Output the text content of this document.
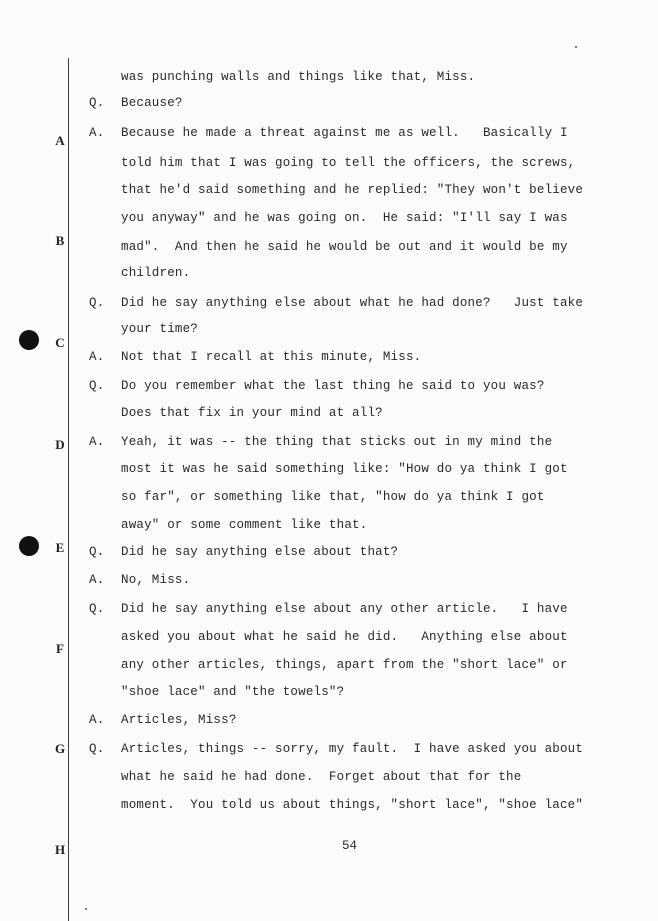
A
B
C
D
E
F
G
H
was punching walls and things like that, Miss.
Q. Because?
A. Because he made a threat against me as well.   Basically I
told him that I was going to tell the officers, the screws,
that he'd said something and he replied: "They won't believe
you anyway" and he was going on.  He said: "I'll say I was
mad".  And then he said he would be out and it would be my
children.
Q. Did he say anything else about what he had done?   Just take
your time?
A. Not that I recall at this minute, Miss.
Q. Do you remember what the last thing he said to you was?
Does that fix in your mind at all?
A. Yeah, it was -- the thing that sticks out in my mind the
most it was he said something like: "How do ya think I got
so far", or something like that, "how do ya think I got
away" or some comment like that.
Q. Did he say anything else about that?
A. No, Miss.
Q. Did he say anything else about any other article.   I have
asked you about what he said he did.   Anything else about
any other articles, things, apart from the "short lace" or
"shoe lace" and "the towels"?
A. Articles, Miss?
Q. Articles, things -- sorry, my fault.  I have asked you about
what he said he had done.  Forget about that for the
moment.  You told us about things, "short lace", "shoe lace"
54
